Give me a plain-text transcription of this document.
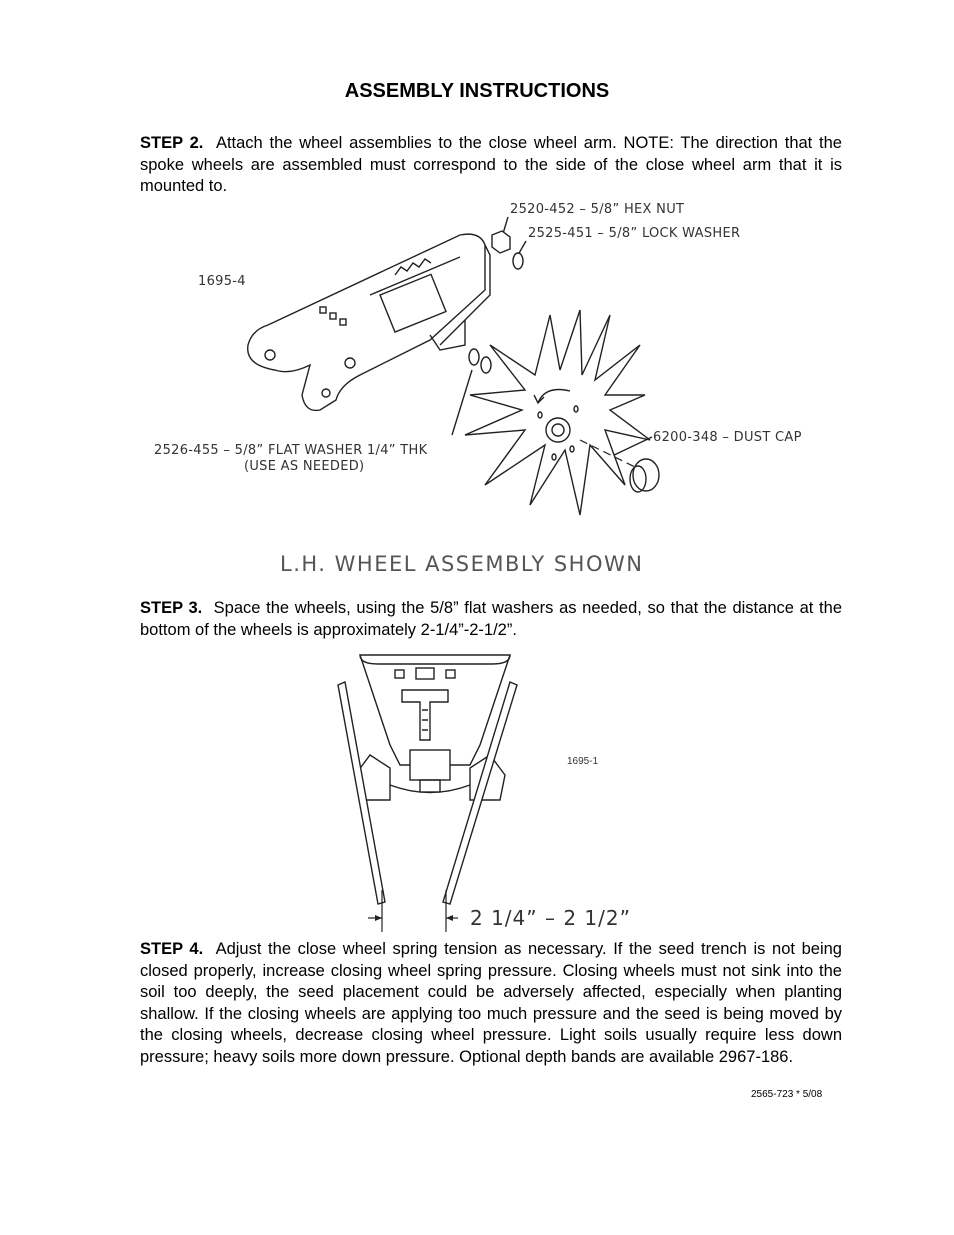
ASSEMBLY INSTRUCTIONS
STEP 2. Attach the wheel assemblies to the close wheel arm. NOTE: The direction that the spoke wheels are assembled must correspond to the side of the close wheel arm that it is mounted to.
2520-452 – 5/8” HEX NUT
2525-451 – 5/8” LOCK WASHER
1695-4
2526-455 – 5/8” FLAT WASHER 1/4” THK
(USE AS NEEDED)
6200-348 – DUST CAP
L.H. WHEEL ASSEMBLY SHOWN
STEP 3. Space the wheels, using the 5/8” flat washers as needed, so that the distance at the bottom of the wheels is approximately 2-1/4”-2-1/2”.
1695-1
2 1/4” – 2 1/2”
STEP 4. Adjust the close wheel spring tension as necessary. If the seed trench is not being closed properly, increase closing wheel spring pressure. Closing wheels must not sink into the soil too deeply, the seed placement could be adversely affected, especially when planting shallow. If the closing wheels are applying too much pressure and the seed is being moved by the closing wheels, decrease closing wheel pressure. Light soils usually require less down pressure; heavy soils more down pressure. Optional depth bands are available 2967-186.
2565-723 * 5/08
